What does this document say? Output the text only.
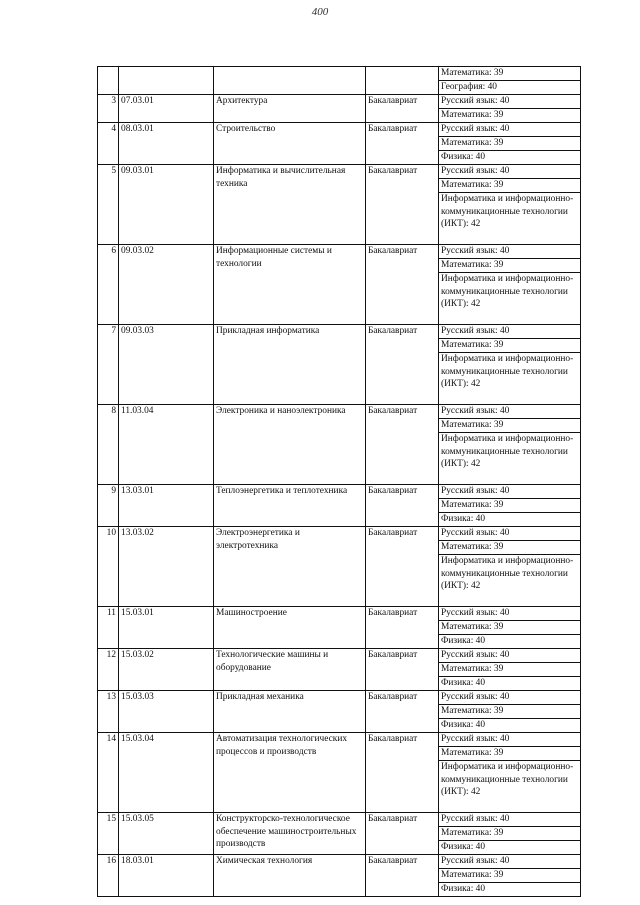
400
				Математика: 39
				География: 40
3	07.03.01	Архитектура	Бакалавриат	Русский язык: 40
				Математика: 39
4	08.03.01	Строительство	Бакалавриат	Русский язык: 40
				Математика: 39
				Физика: 40
5	09.03.01	Информатика и вычислительная техника	Бакалавриат	Русский язык: 40
				Математика: 39
				Информатика и информационно-коммуникационные технологии (ИКТ): 42
6	09.03.02	Информационные системы и технологии	Бакалавриат	Русский язык: 40
				Математика: 39
				Информатика и информационно-коммуникационные технологии (ИКТ): 42
7	09.03.03	Прикладная информатика	Бакалавриат	Русский язык: 40
				Математика: 39
				Информатика и информационно-коммуникационные технологии (ИКТ): 42
8	11.03.04	Электроника и наноэлектроника	Бакалавриат	Русский язык: 40
				Математика: 39
				Информатика и информационно-коммуникационные технологии (ИКТ): 42
9	13.03.01	Теплоэнергетика и теплотехника	Бакалавриат	Русский язык: 40
				Математика: 39
				Физика: 40
10	13.03.02	Электроэнергетика и электротехника	Бакалавриат	Русский язык: 40
				Математика: 39
				Информатика и информационно-коммуникационные технологии (ИКТ): 42
11	15.03.01	Машиностроение	Бакалавриат	Русский язык: 40
				Математика: 39
				Физика: 40
12	15.03.02	Технологические машины и оборудование	Бакалавриат	Русский язык: 40
				Математика: 39
				Физика: 40
13	15.03.03	Прикладная механика	Бакалавриат	Русский язык: 40
				Математика: 39
				Физика: 40
14	15.03.04	Автоматизация технологических процессов и производств	Бакалавриат	Русский язык: 40
				Математика: 39
				Информатика и информационно-коммуникационные технологии (ИКТ): 42
15	15.03.05	Конструкторско-технологическое обеспечение машиностроительных производств	Бакалавриат	Русский язык: 40
				Математика: 39
				Физика: 40
16	18.03.01	Химическая технология	Бакалавриат	Русский язык: 40
				Математика: 39
				Физика: 40
